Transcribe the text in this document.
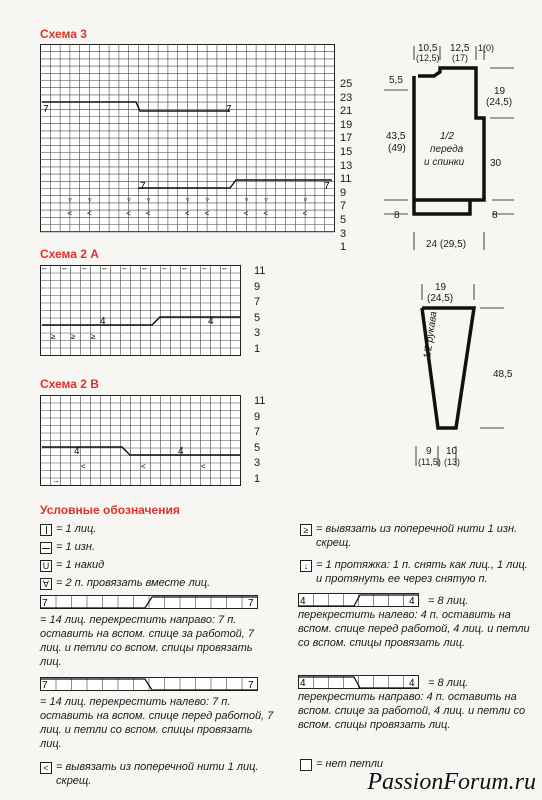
Схема 3
7	7
7	7
<
▿
<
▿
<
▿
<
▿
<
▿
<
▿
<
▿
<
▿
<
▿
25
23
21
19
17
15
13
11
9
7
5
3
1
Схема 2 А
4	4
– – – – – – – – – –
≥ ≥ ≥
11
9
7
5
3
1
Схема 2 В
4	4
<	<	<
→
11
9
7
5
3
1
10,5
(12,5)
12,5
(17)
1(0)
5,5
19
(24,5)
43,5
(49)
1/2
переда
и спинки	30
8	8
24 (29,5)
19
(24,5)
1/2 рукава
48,5
9
(11,5)
10
(13)
Условные обозначения
= 1 лиц.
= 1 изн.
U = 1 накид
∀ = 2 п. провязать вместе лиц.
7	7
= 14 лиц. перекрестить направо: 7 п. оставить на вспом. спице за работой, 7 лиц. и петли со вспом. спицы провязать лиц.
7	7
= 14 лиц. перекрестить налево: 7 п. оставить на вспом. спице перед работой, 7 лиц. и петли со вспом. спицы провязать лиц.
< = вывязать из поперечной нити 1 лиц. скрещ.
≥ = вывязать из поперечной нити 1 изн. скрещ.
↓ = 1 протяжка: 1 п. снять как лиц., 1 лиц. и протянуть ее через снятую п.
4	4	= 8 лиц. перекрестить налево: 4 п. оставить на вспом. спице перед работой, 4 лиц. и петли со вспом. спицы провязать лиц.
4	4	= 8 лиц. перекрестить направо: 4 п. оставить на вспом. спице за работой, 4 лиц. и петли со вспом. спицы провязать лиц.
= нет петли
PassionForum.ru
